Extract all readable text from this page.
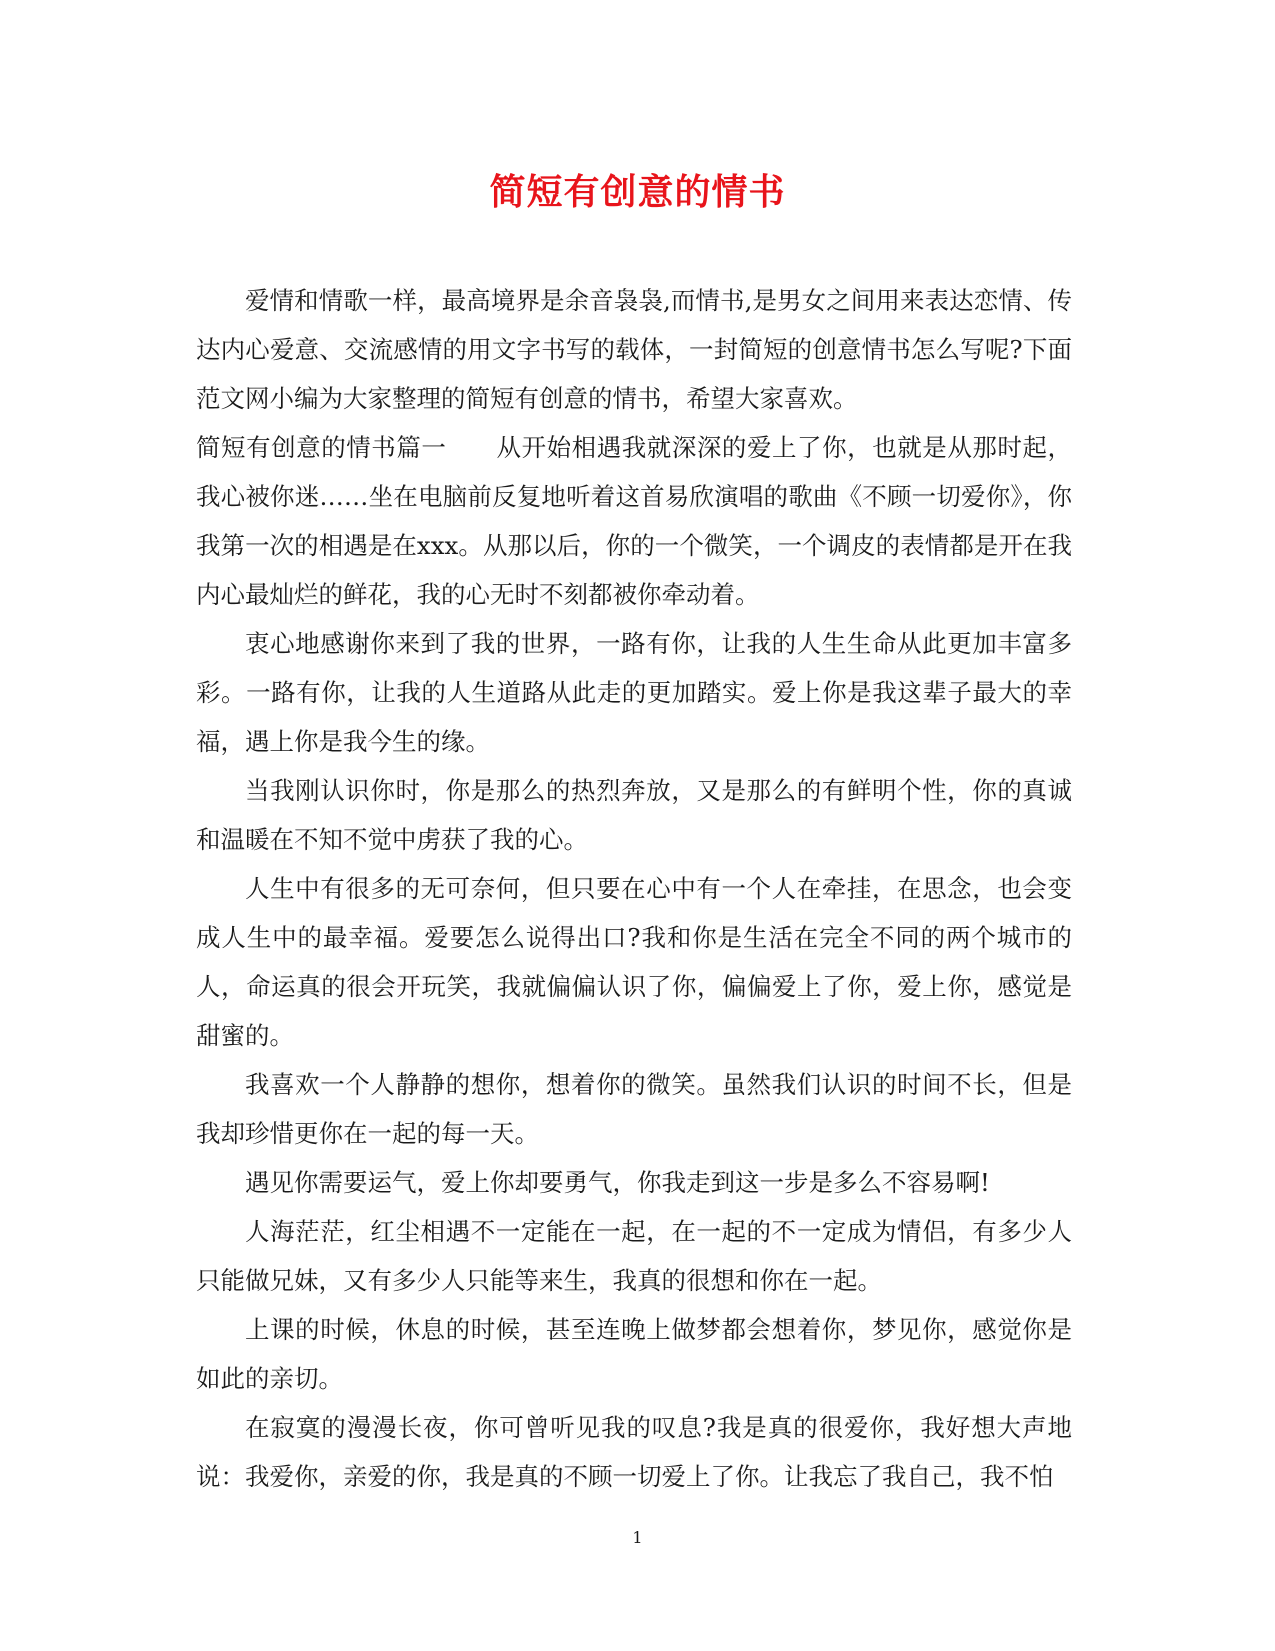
简短有创意的情书

爱情和情歌一样，最高境界是余音袅袅,而情书,是男女之间用来表达恋情、传达内心爱意、交流感情的用文字书写的载体，一封简短的创意情书怎么写呢?下面范文网小编为大家整理的简短有创意的情书，希望大家喜欢。

简短有创意的情书篇一　　从开始相遇我就深深的爱上了你，也就是从那时起，我心被你迷……坐在电脑前反复地听着这首易欣演唱的歌曲《不顾一切爱你》，你我第一次的相遇是在xxx。从那以后，你的一个微笑，一个调皮的表情都是开在我内心最灿烂的鲜花，我的心无时不刻都被你牵动着。

衷心地感谢你来到了我的世界，一路有你，让我的人生生命从此更加丰富多彩。一路有你，让我的人生道路从此走的更加踏实。爱上你是我这辈子最大的幸福，遇上你是我今生的缘。

当我刚认识你时，你是那么的热烈奔放，又是那么的有鲜明个性，你的真诚和温暖在不知不觉中虏获了我的心。

人生中有很多的无可奈何，但只要在心中有一个人在牵挂，在思念，也会变成人生中的最幸福。爱要怎么说得出口?我和你是生活在完全不同的两个城市的人，命运真的很会开玩笑，我就偏偏认识了你，偏偏爱上了你，爱上你，感觉是甜蜜的。

我喜欢一个人静静的想你，想着你的微笑。虽然我们认识的时间不长，但是我却珍惜更你在一起的每一天。

遇见你需要运气，爱上你却要勇气，你我走到这一步是多么不容易啊!

人海茫茫，红尘相遇不一定能在一起，在一起的不一定成为情侣，有多少人只能做兄妹，又有多少人只能等来生，我真的很想和你在一起。

上课的时候，休息的时候，甚至连晚上做梦都会想着你，梦见你，感觉你是如此的亲切。

在寂寞的漫漫长夜，你可曾听见我的叹息?我是真的很爱你，我好想大声地说：我爱你，亲爱的你，我是真的不顾一切爱上了你。让我忘了我自己，我不怕

1
